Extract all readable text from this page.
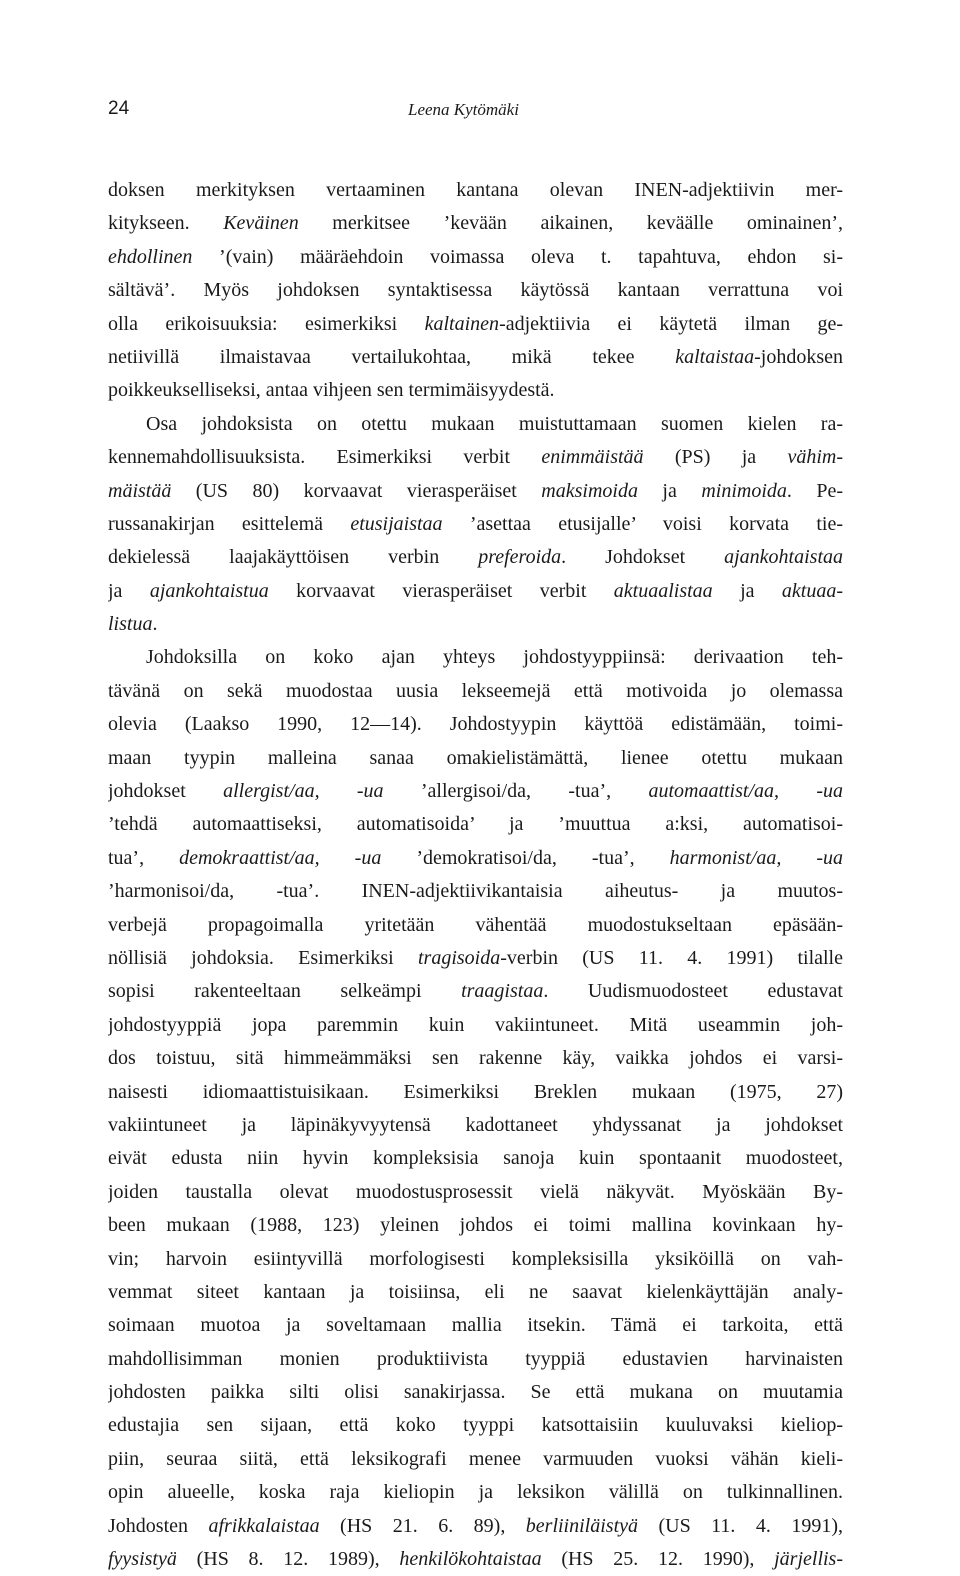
24	Leena Kytömäki
doksen merkityksen vertaaminen kantana olevan INEN-adjektiivin mer-
kitykseen. Keväinen merkitsee ’kevään aikainen, keväälle ominainen’,
ehdollinen ’(vain) määräehdoin voimassa oleva t. tapahtuva, ehdon si-
sältävä’. Myös johdoksen syntaktisessa käytössä kantaan verrattuna voi
olla erikoisuuksia: esimerkiksi kaltainen-adjektiivia ei käytetä ilman ge-
netiivillä ilmaistavaa vertailukohtaa, mikä tekee kaltaistaa-johdoksen
poikkeukselliseksi, antaa vihjeen sen termimäisyydestä.
Osa johdoksista on otettu mukaan muistuttamaan suomen kielen ra-
kennemahdollisuuksista. Esimerkiksi verbit enimmäistää (PS) ja vähim-
mäistää (US 80) korvaavat vierasperäiset maksimoida ja minimoida. Pe-
russanakirjan esittelemä etusijaistaa ’asettaa etusijalle’ voisi korvata tie-
dekielessä laajakäyttöisen verbin preferoida. Johdokset ajankohtaistaa
ja ajankohtaistua korvaavat vierasperäiset verbit aktuaalistaa ja aktuaa-
listua.
Johdoksilla on koko ajan yhteys johdostyyppiinsä: derivaation teh-
tävänä on sekä muodostaa uusia lekseemejä että motivoida jo olemassa
olevia (Laakso 1990, 12—14). Johdostyypin käyttöä edistämään, toimi-
maan tyypin malleina sanaa omakielistämättä, lienee otettu mukaan
johdokset allergist/aa, -ua ’allergisoi/da, -tua’, automaattist/aa, -ua
’tehdä automaattiseksi, automatisoida’ ja ’muuttua a:ksi, automatisoi-
tua’, demokraattist/aa, -ua ’demokratisoi/da, -tua’, harmonist/aa, -ua
’harmonisoi/da, -tua’. INEN-adjektiivikantaisia aiheutus- ja muutos-
verbejä propagoimalla yritetään vähentää muodostukseltaan epäsään-
nöllisiä johdoksia. Esimerkiksi tragisoida-verbin (US 11. 4. 1991) tilalle
sopisi rakenteeltaan selkeämpi traagistaa. Uudismuodosteet edustavat
johdostyyppiä jopa paremmin kuin vakiintuneet. Mitä useammin joh-
dos toistuu, sitä himmeämmäksi sen rakenne käy, vaikka johdos ei varsi-
naisesti idiomaattistuisikaan. Esimerkiksi Breklen mukaan (1975, 27)
vakiintuneet ja läpinäkyvyytensä kadottaneet yhdyssanat ja johdokset
eivät edusta niin hyvin kompleksisia sanoja kuin spontaanit muodosteet,
joiden taustalla olevat muodostusprosessit vielä näkyvät. Myöskään By-
been mukaan (1988, 123) yleinen johdos ei toimi mallina kovinkaan hy-
vin; harvoin esiintyvillä morfologisesti kompleksisilla yksiköillä on vah-
vemmat siteet kantaan ja toisiinsa, eli ne saavat kielenkäyttäjän analy-
soimaan muotoa ja soveltamaan mallia itsekin. Tämä ei tarkoita, että
mahdollisimman monien produktiivista tyyppiä edustavien harvinaisten
johdosten paikka silti olisi sanakirjassa. Se että mukana on muutamia
edustajia sen sijaan, että koko tyyppi katsottaisiin kuuluvaksi kieliop-
piin, seuraa siitä, että leksikografi menee varmuuden vuoksi vähän kieli-
opin alueelle, koska raja kieliopin ja leksikon välillä on tulkinnallinen.
Johdosten afrikkalaistaa (HS 21. 6. 89), berliiniläistyä (US 11. 4. 1991),
fyysistyä (HS 8. 12. 1989), henkilökohtaistaa (HS 25. 12. 1990), järjellis-
